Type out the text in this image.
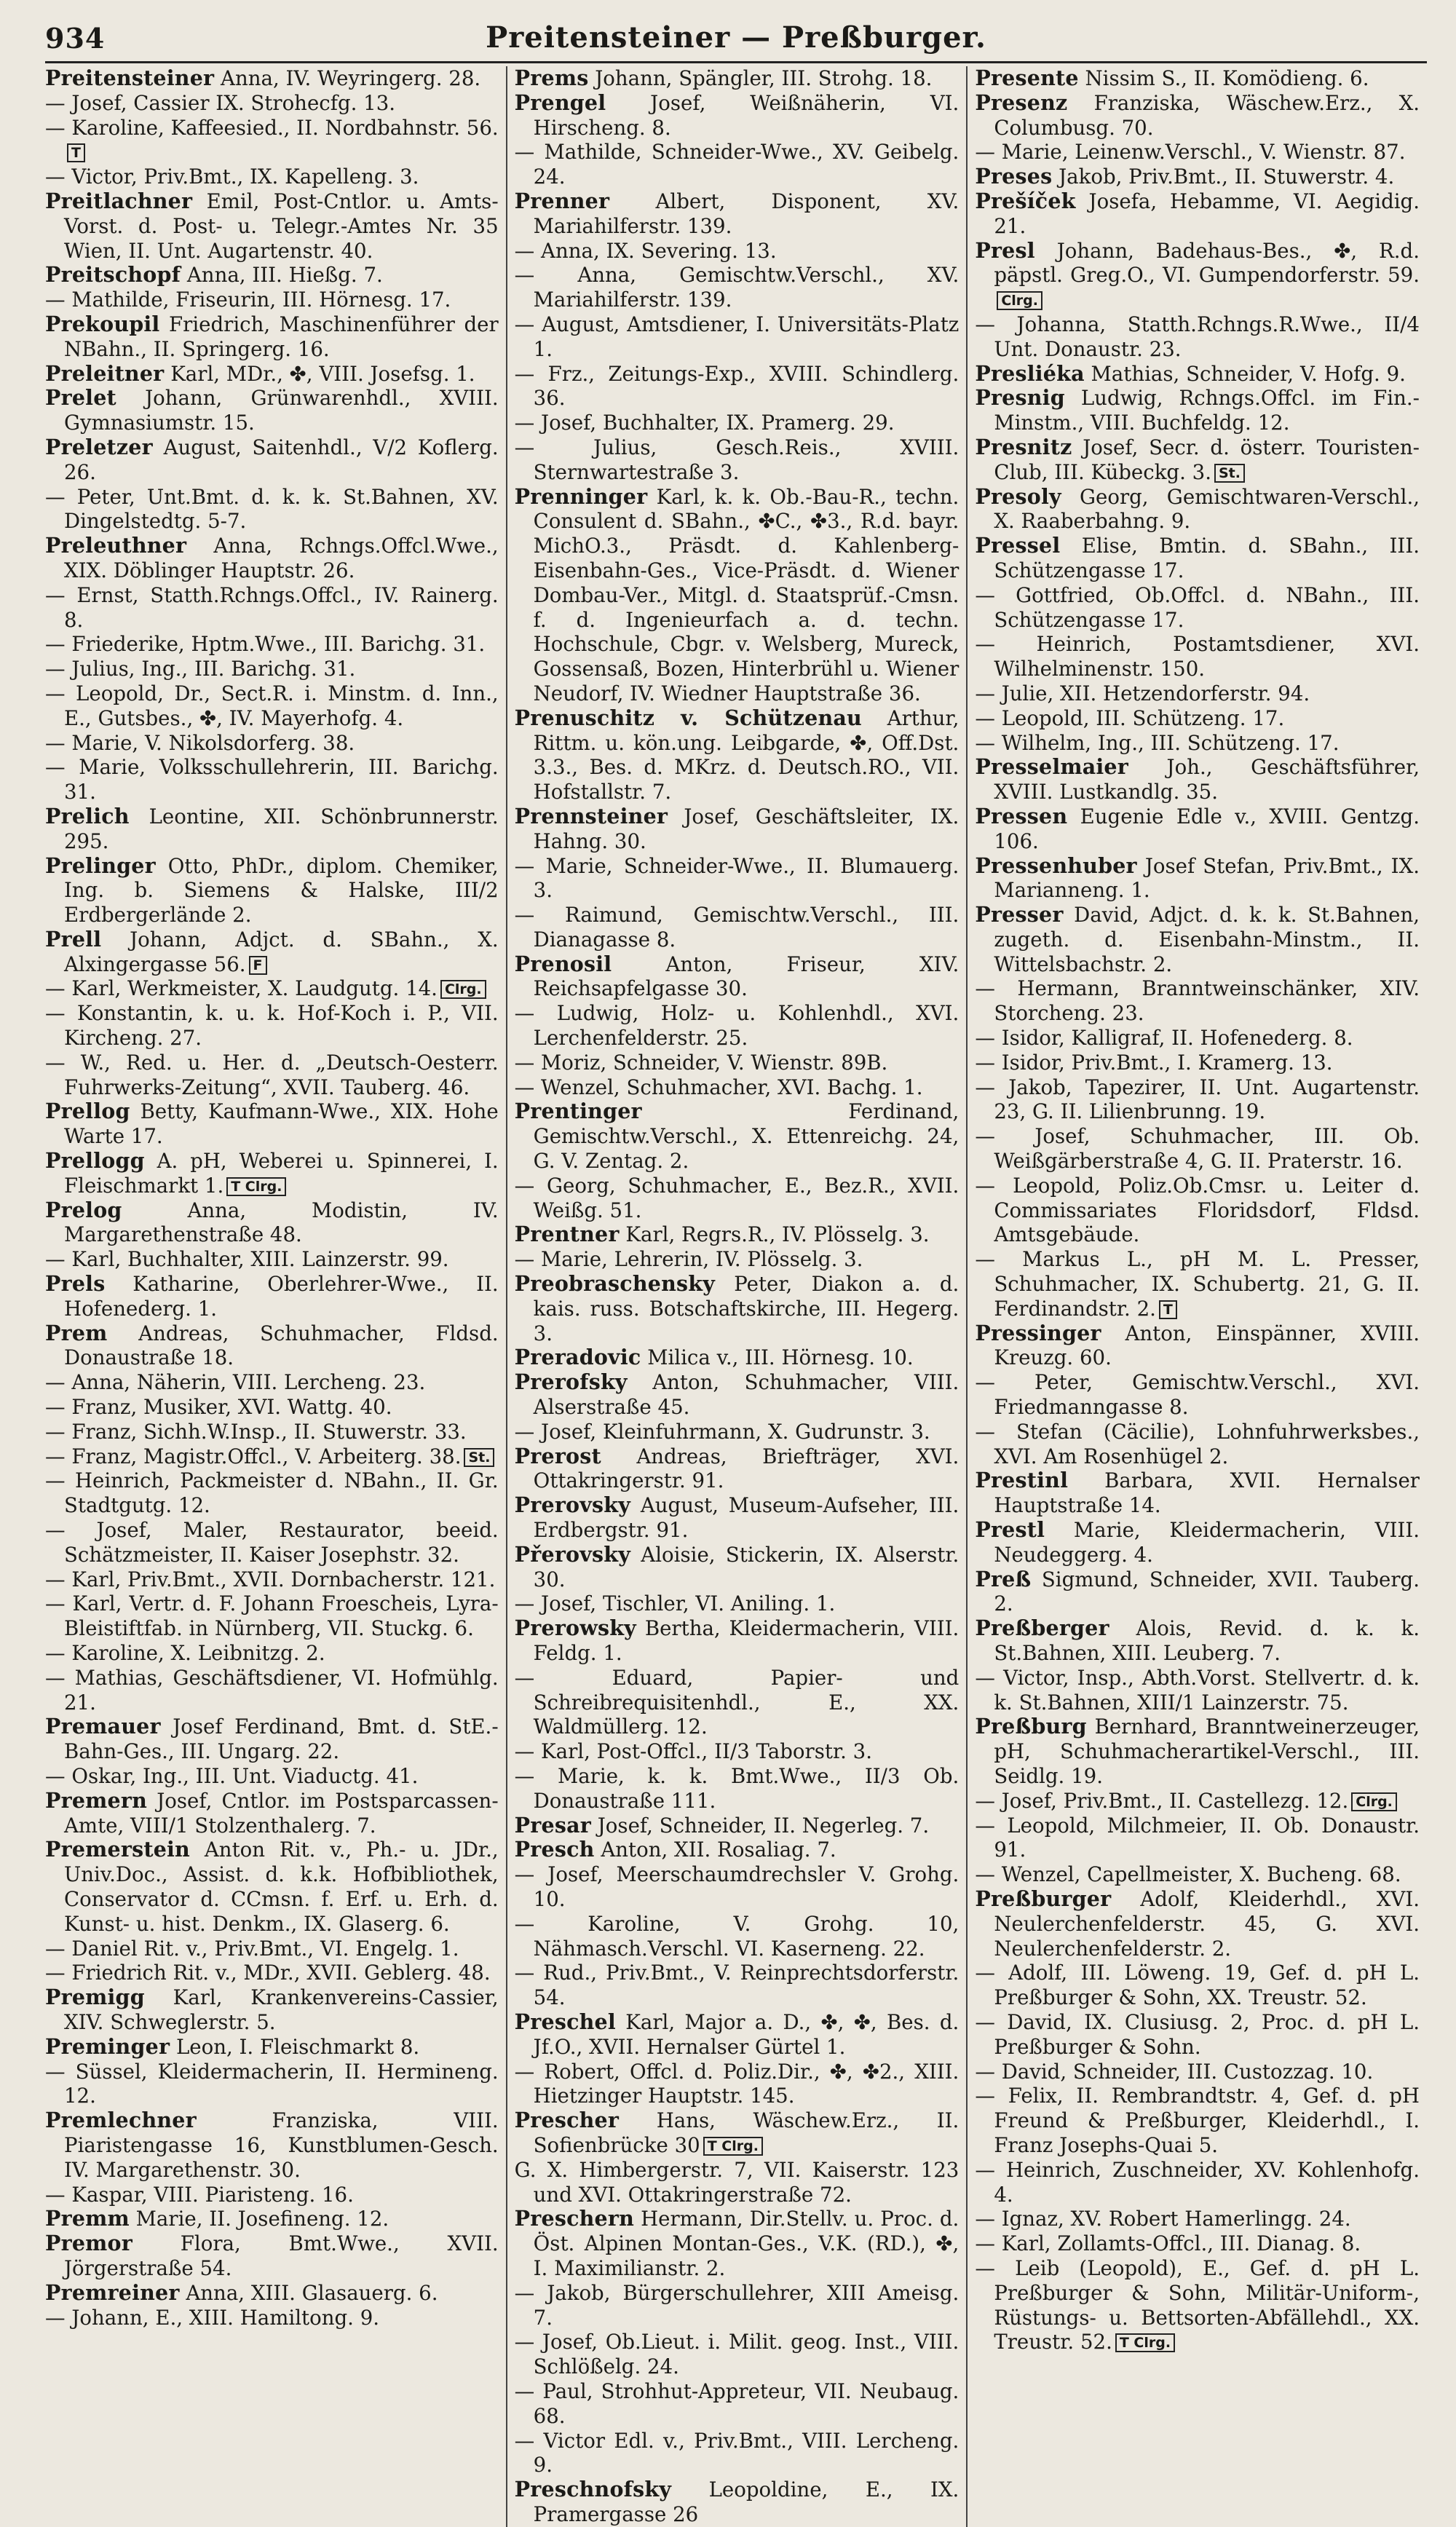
934	Preitensteiner — Preßburger.

Preitensteiner Anna, IV. Weyringerg. 28.

— Josef, Cassier IX. Strohecfg. 13.

— Karoline, Kaffeesied., II. Nordbahnstr. 56.T

— Victor, Priv.Bmt., IX. Kapelleng. 3.

Preitlachner Emil, Post-Cntlor. u. Amts-Vorst. d. Post- u. Telegr.-Amtes Nr. 35 Wien, II. Unt. Augartenstr. 40.

Preitschopf Anna, III. Hießg. 7.

— Mathilde, Friseurin, III. Hörnesg. 17.

Prekoupil Friedrich, Maschinenführer der NBahn., II. Springerg. 16.

Preleitner Karl, MDr., ✤, VIII. Josefsg. 1.

Prelet Johann, Grünwarenhdl., XVIII. Gymnasiumstr. 15.

Preletzer August, Saitenhdl., V/2 Koflerg. 26.

— Peter, Unt.Bmt. d. k. k. St.Bahnen, XV. Dingelstedtg. 5-7.

Preleuthner Anna, Rchngs.Offcl.Wwe., XIX. Döblinger Hauptstr. 26.

— Ernst, Statth.Rchngs.Offcl., IV. Rainerg. 8.

— Friederike, Hptm.Wwe., III. Barichg. 31.

— Julius, Ing., III. Barichg. 31.

— Leopold, Dr., Sect.R. i. Minstm. d. Inn., E., Gutsbes., ✤, IV. Mayerhofg. 4.

— Marie, V. Nikolsdorferg. 38.

— Marie, Volksschullehrerin, III. Barichg. 31.

Prelich Leontine, XII. Schönbrunnerstr. 295.

Prelinger Otto, PhDr., diplom. Chemiker, Ing. b. Siemens & Halske, III/2 Erdbergerlände 2.

Prell Johann, Adjct. d. SBahn., X. Alxingergasse 56. F

— Karl, Werkmeister, X. Laudgutg. 14. Clrg.

— Konstantin, k. u. k. Hof-Koch i. P., VII. Kircheng. 27.

— W., Red. u. Her. d. „Deutsch-Oesterr. Fuhrwerks-Zeitung“, XVII. Tauberg. 46.

Prellog Betty, Kaufmann-Wwe., XIX. Hohe Warte 17.

Prellogg A. pH, Weberei u. Spinnerei, I. Fleischmarkt 1. T Clrg.

Prelog	Anna, Modistin, IV. Margarethenstraße 48.

— Karl, Buchhalter, XIII. Lainzerstr. 99.

Prels Katharine, Oberlehrer-Wwe., II. Hofenederg. 1.

Prem Andreas, Schuhmacher, Fldsd. Donaustraße 18.

— Anna, Näherin, VIII. Lercheng. 23.

— Franz, Musiker, XVI. Wattg. 40.

— Franz, Sichh.W.Insp., II. Stuwerstr. 33.

— Franz, Magistr.Offcl., V. Arbeiterg. 38. St.

— Heinrich, Packmeister d. NBahn., II. Gr. Stadtgutg. 12.

— Josef, Maler, Restaurator, beeid. Schätzmeister, II. Kaiser Josephstr. 32.

— Karl, Priv.Bmt., XVII. Dornbacherstr. 121.

— Karl, Vertr. d. F. Johann Froescheis, Lyra-Bleistiftfab. in Nürnberg, VII. Stuckg. 6.

— Karoline, X. Leibnitzg. 2.

— Mathias, Geschäftsdiener, VI. Hofmühlg. 21.

Premauer Josef Ferdinand, Bmt. d. StE.-Bahn-Ges., III. Ungarg. 22.

— Oskar, Ing., III. Unt. Viaductg. 41.

Premern Josef, Cntlor. im Postsparcassen-Amte, VIII/1 Stolzenthalerg. 7.

Premerstein Anton Rit. v., Ph.- u. JDr., Univ.Doc., Assist. d. k.k. Hofbibliothek, Conservator d. CCmsn. f. Erf. u. Erh. d. Kunst- u. hist. Denkm., IX. Glaserg. 6.

— Daniel Rit. v., Priv.Bmt., VI. Engelg. 1.

— Friedrich Rit. v., MDr., XVII. Geblerg. 48.

Premigg Karl, Krankenvereins-Cassier, XIV. Schweglerstr. 5.

Preminger Leon, I. Fleischmarkt 8.

— Süssel, Kleidermacherin, II. Hermineng. 12.

Premlechner	Franziska, VIII. Piaristengasse 16, Kunstblumen-Gesch. IV. Margarethenstr. 30.

— Kaspar, VIII. Piaristeng. 16.

Premm Marie, II. Josefineng. 12.

Premor Flora, Bmt.Wwe., XVII. Jörgerstraße 54.

Premreiner Anna, XIII. Glasauerg. 6.

— Johann, E., XIII. Hamiltong. 9.

Prems Johann, Spängler, III. Strohg. 18.

Prengel Josef, Weißnäherin, VI. Hirscheng. 8.

— Mathilde, Schneider-Wwe., XV. Geibelg. 24.

Prenner Albert, Disponent, XV. Mariahilferstr. 139.

— Anna, IX. Severing. 13.

— Anna, Gemischtw.Verschl., XV. Mariahilferstr. 139.

— August, Amtsdiener, I. Universitäts-Platz 1.

— Frz., Zeitungs-Exp., XVIII. Schindlerg. 36.

— Josef, Buchhalter, IX. Pramerg. 29.

— Julius, Gesch.Reis., XVIII. Sternwartestraße 3.

Prenninger Karl, k. k. Ob.-Bau-R., techn. Consulent d. SBahn., ✤C., ✤3., R.d. bayr. MichO.3., Präsdt. d. Kahlenberg-Eisenbahn-Ges., Vice-Präsdt. d. Wiener Dombau-Ver., Mitgl. d. Staatsprüf.-Cmsn. f. d. Ingenieurfach a. d. techn. Hochschule, Cbgr. v. Welsberg, Mureck, Gossensaß, Bozen, Hinterbrühl u. Wiener Neudorf, IV. Wiedner Hauptstraße 36.

Prenuschitz v. Schützenau Arthur, Rittm. u. kön.ung. Leibgarde, ✤, Off.Dst. 3.3., Bes. d. MKrz. d. Deutsch.RO., VII. Hofstallstr. 7.

Prennsteiner Josef, Geschäftsleiter, IX. Hahng. 30.

— Marie, Schneider-Wwe., II. Blumauerg. 3.

— Raimund, Gemischtw.Verschl., III. Dianagasse 8.

Prenosil	Anton, Friseur, XIV. Reichsapfelgasse 30.

— Ludwig, Holz- u. Kohlenhdl., XVI. Lerchenfelderstr. 25.

— Moriz, Schneider, V. Wienstr. 89B.

— Wenzel, Schuhmacher, XVI. Bachg. 1.

Prentinger	Ferdinand, Gemischtw.Verschl., X. Ettenreichg. 24, G. V. Zentag. 2.

— Georg, Schuhmacher, E., Bez.R., XVII. Weißg. 51.

Prentner Karl, Regrs.R., IV. Plösselg. 3.

— Marie, Lehrerin, IV. Plösselg. 3.

Preobraschensky Peter, Diakon a. d. kais. russ. Botschaftskirche, III. Hegerg. 3.

Preradovic Milica v., III. Hörnesg. 10.

Prerofsky Anton, Schuhmacher, VIII. Alserstraße 45.

— Josef, Kleinfuhrmann, X. Gudrunstr. 3.

Prerost Andreas, Briefträger, XVI. Ottakringerstr. 91.

Prerovsky August, Museum-Aufseher, III. Erdbergstr. 91.

Přerovsky Aloisie, Stickerin, IX. Alserstr. 30.

— Josef, Tischler, VI. Aniling. 1.

Prerowsky Bertha, Kleidermacherin, VIII. Feldg. 1.

— Eduard, Papier- und Schreibrequisitenhdl., E., XX. Waldmüllerg. 12.

— Karl, Post-Offcl., II/3 Taborstr. 3.

— Marie, k. k. Bmt.Wwe., II/3 Ob. Donaustraße 111.

Presar Josef, Schneider, II. Negerleg. 7.

Presch Anton, XII. Rosaliag. 7.

— Josef, Meerschaumdrechsler V. Grohg. 10.

— Karoline, V. Grohg. 10, Nähmasch.Verschl. VI. Kaserneng. 22.

— Rud., Priv.Bmt., V. Reinprechtsdorferstr. 54.

Preschel Karl, Major a. D., ✤, ✤, Bes. d. Jf.O., XVII. Hernalser Gürtel 1.

— Robert, Offcl. d. Poliz.Dir., ✤, ✤2., XIII. Hietzinger Hauptstr. 145.

Prescher Hans, Wäschew.Erz., II. Sofienbrücke 30 T Clrg.

G. X. Himbergerstr. 7, VII. Kaiserstr. 123 und XVI. Ottakringerstraße 72.

Preschern Hermann, Dir.Stellv. u. Proc. d. Öst. Alpinen Montan-Ges., V.K. (RD.), ✤, I. Maximilianstr. 2.

— Jakob, Bürgerschullehrer, XIII Ameisg. 7.

— Josef, Ob.Lieut. i. Milit. geog. Inst., VIII. Schlößelg. 24.

— Paul, Strohhut-Appreteur, VII. Neubaug. 68.

— Victor Edl. v., Priv.Bmt., VIII. Lercheng. 9.

Preschnofsky Leopoldine, E., IX. Pramergasse 26

Presente Nissim S., II. Komödieng. 6.

Presenz Franziska, Wäschew.Erz., X. Columbusg. 70.

— Marie, Leinenw.Verschl., V. Wienstr. 87.

Preses Jakob, Priv.Bmt., II. Stuwerstr. 4.

Prešíček Josefa, Hebamme, VI. Aegidig. 21.

Presl Johann, Badehaus-Bes., ✤, R.d. päpstl. Greg.O., VI. Gumpendorferstr. 59.Clrg.

— Johanna, Statth.Rchngs.R.Wwe., II/4 Unt. Donaustr. 23.

Presliéka Mathias, Schneider, V. Hofg. 9.

Presnig Ludwig, Rchngs.Offcl. im Fin.-Minstm., VIII. Buchfeldg. 12.

Presnitz Josef, Secr. d. österr. Touristen-Club, III. Kübeckg. 3. St.

Presoly Georg, Gemischtwaren-Verschl., X. Raaberbahng. 9.

Pressel Elise, Bmtin. d. SBahn., III. Schützengasse 17.

— Gottfried, Ob.Offcl. d. NBahn., III. Schützengasse 17.

— Heinrich, Postamtsdiener, XVI. Wilhelminenstr. 150.

— Julie, XII. Hetzendorferstr. 94.

— Leopold, III. Schützeng. 17.

— Wilhelm, Ing., III. Schützeng. 17.

Presselmaier Joh., Geschäftsführer, XVIII. Lustkandlg. 35.

Pressen Eugenie Edle v., XVIII. Gentzg. 106.

Pressenhuber Josef Stefan, Priv.Bmt., IX. Marianneng. 1.

Presser David, Adjct. d. k. k. St.Bahnen, zugeth. d. Eisenbahn-Minstm., II. Wittelsbachstr. 2.

— Hermann, Branntweinschänker, XIV. Storcheng. 23.

— Isidor, Kalligraf, II. Hofenederg. 8.

— Isidor, Priv.Bmt., I. Kramerg. 13.

— Jakob, Tapezirer, II. Unt. Augartenstr. 23, G. II. Lilienbrunng. 19.

— Josef, Schuhmacher, III. Ob. Weißgärberstraße 4, G. II. Praterstr. 16.

— Leopold, Poliz.Ob.Cmsr. u. Leiter d. Commissariates Floridsdorf, Fldsd. Amtsgebäude.

— Markus L., pH M. L. Presser, Schuhmacher, IX. Schubertg. 21, G. II. Ferdinandstr. 2. T

Pressinger Anton, Einspänner, XVIII. Kreuzg. 60.

— Peter, Gemischtw.Verschl., XVI. Friedmanngasse 8.

— Stefan (Cäcilie), Lohnfuhrwerksbes., XVI. Am Rosenhügel 2.

Prestinl Barbara, XVII. Hernalser Hauptstraße 14.

Prestl Marie, Kleidermacherin, VIII. Neudeggerg. 4.

Preß Sigmund, Schneider, XVII. Tauberg. 2.

Preßberger Alois, Revid. d. k. k. St.Bahnen, XIII. Leuberg. 7.

— Victor, Insp., Abth.Vorst. Stellvertr. d. k. k. St.Bahnen, XIII/1 Lainzerstr. 75.

Preßburg Bernhard, Branntweinerzeuger, pH, Schuhmacherartikel-Verschl., III. Seidlg. 19.

— Josef, Priv.Bmt., II. Castellezg. 12. Clrg.

— Leopold, Milchmeier, II. Ob. Donaustr. 91.

— Wenzel, Capellmeister, X. Bucheng. 68.

Preßburger Adolf, Kleiderhdl., XVI. Neulerchenfelderstr. 45, G. XVI. Neulerchenfelderstr. 2.

— Adolf, III. Löweng. 19, Gef. d. pH L. Preßburger & Sohn, XX. Treustr. 52.

— David, IX. Clusiusg. 2, Proc. d. pH L. Preßburger & Sohn.

— David, Schneider, III. Custozzag. 10.

— Felix, II. Rembrandtstr. 4, Gef. d. pH Freund & Preßburger, Kleiderhdl., I. Franz Josephs-Quai 5.

— Heinrich, Zuschneider, XV. Kohlenhofg. 4.

— Ignaz, XV. Robert Hamerlingg. 24.

— Karl, Zollamts-Offcl., III. Dianag. 8.

— Leib (Leopold), E., Gef. d. pH L. Preßburger & Sohn, Militär-Uniform-, Rüstungs- u. Bettsorten-Abfällehdl., XX. Treustr. 52. T Clrg.
